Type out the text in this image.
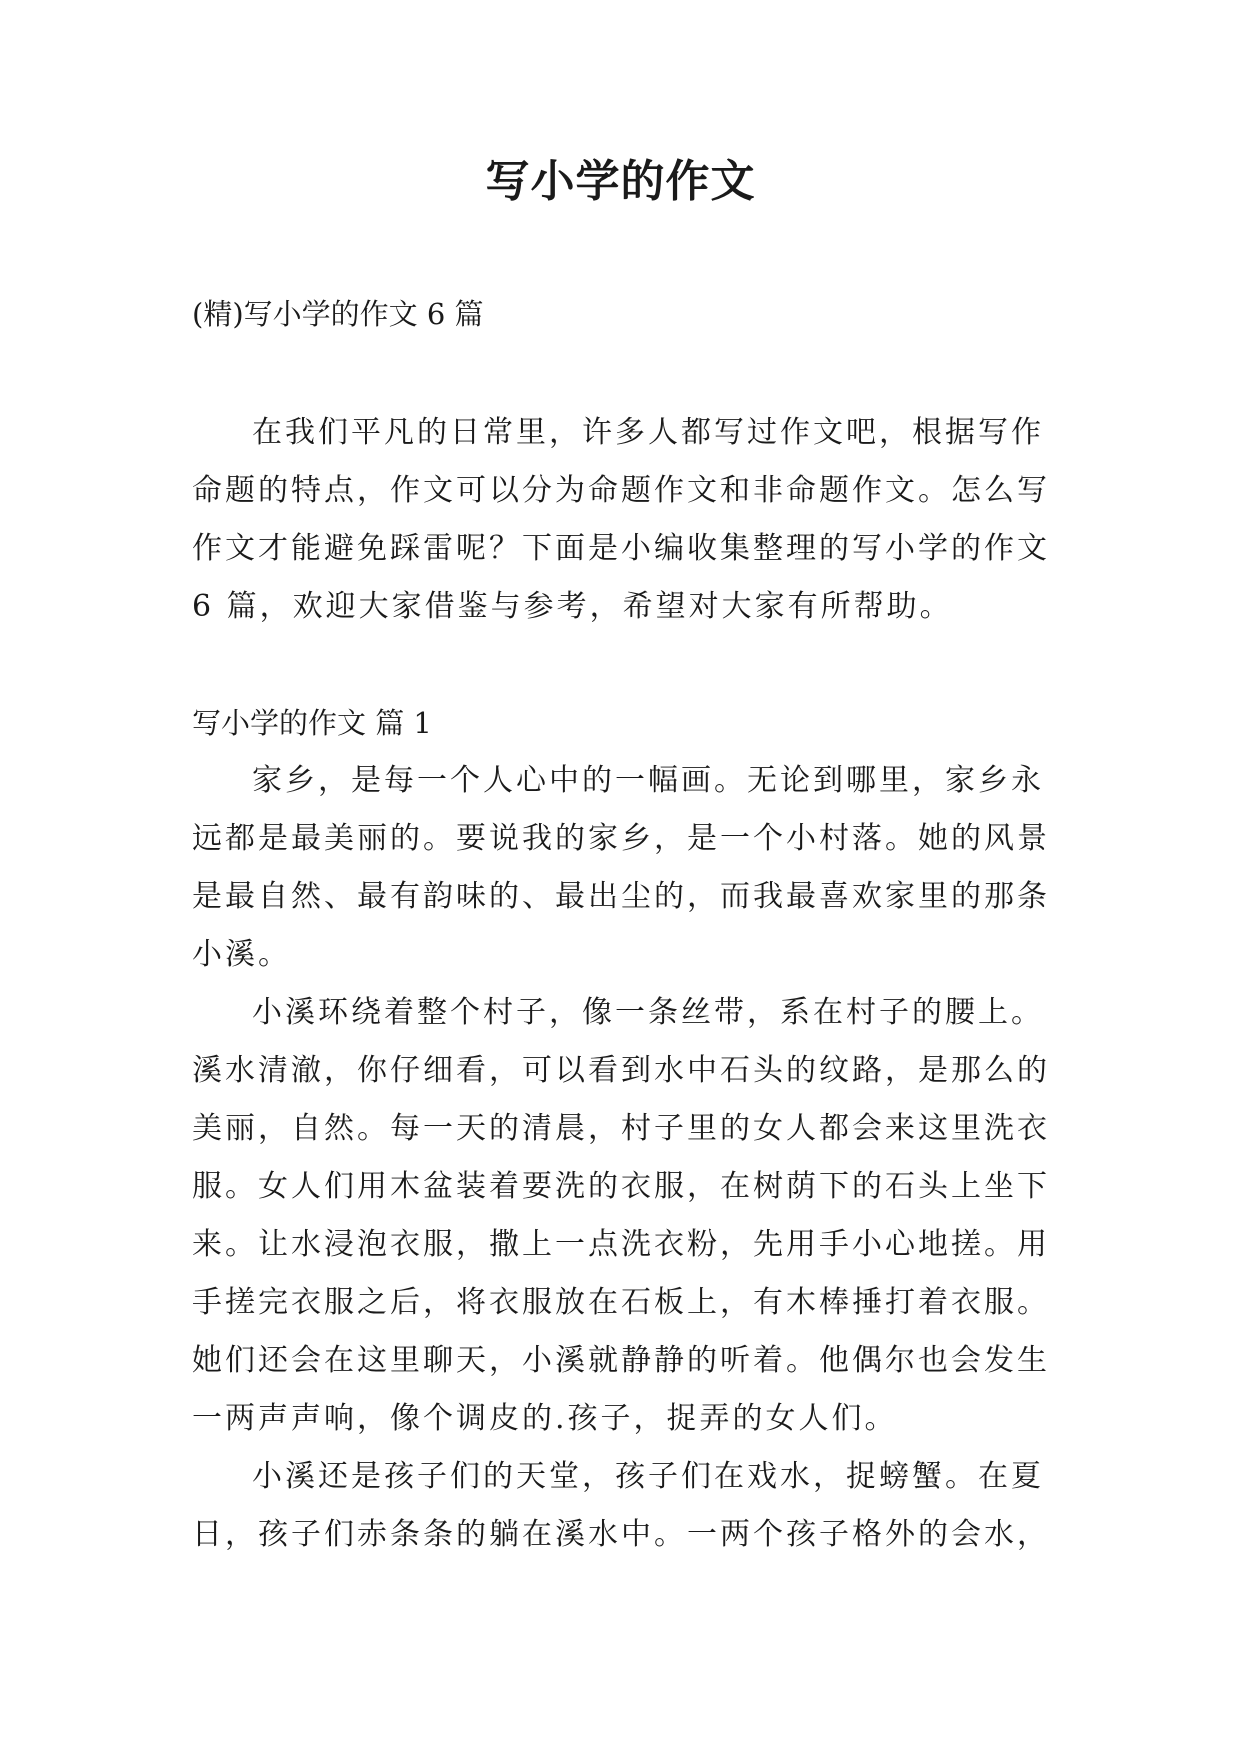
写小学的作文

(精)写小学的作文 6 篇

在我们平凡的日常里，许多人都写过作文吧，根据写作命题的特点，作文可以分为命题作文和非命题作文。怎么写作文才能避免踩雷呢？下面是小编收集整理的写小学的作文 6 篇，欢迎大家借鉴与参考，希望对大家有所帮助。

写小学的作文 篇 1

家乡，是每一个人心中的一幅画。无论到哪里，家乡永远都是最美丽的。要说我的家乡，是一个小村落。她的风景是最自然、最有韵味的、最出尘的，而我最喜欢家里的那条小溪。

小溪环绕着整个村子，像一条丝带，系在村子的腰上。溪水清澈，你仔细看，可以看到水中石头的纹路，是那么的美丽，自然。每一天的清晨，村子里的女人都会来这里洗衣服。女人们用木盆装着要洗的衣服，在树荫下的石头上坐下来。让水浸泡衣服，撒上一点洗衣粉，先用手小心地搓。用手搓完衣服之后，将衣服放在石板上，有木棒捶打着衣服。她们还会在这里聊天，小溪就静静的听着。他偶尔也会发生一两声声响，像个调皮的.孩子，捉弄的女人们。

小溪还是孩子们的天堂，孩子们在戏水，捉螃蟹。在夏日，孩子们赤条条的躺在溪水中。一两个孩子格外的会水，
